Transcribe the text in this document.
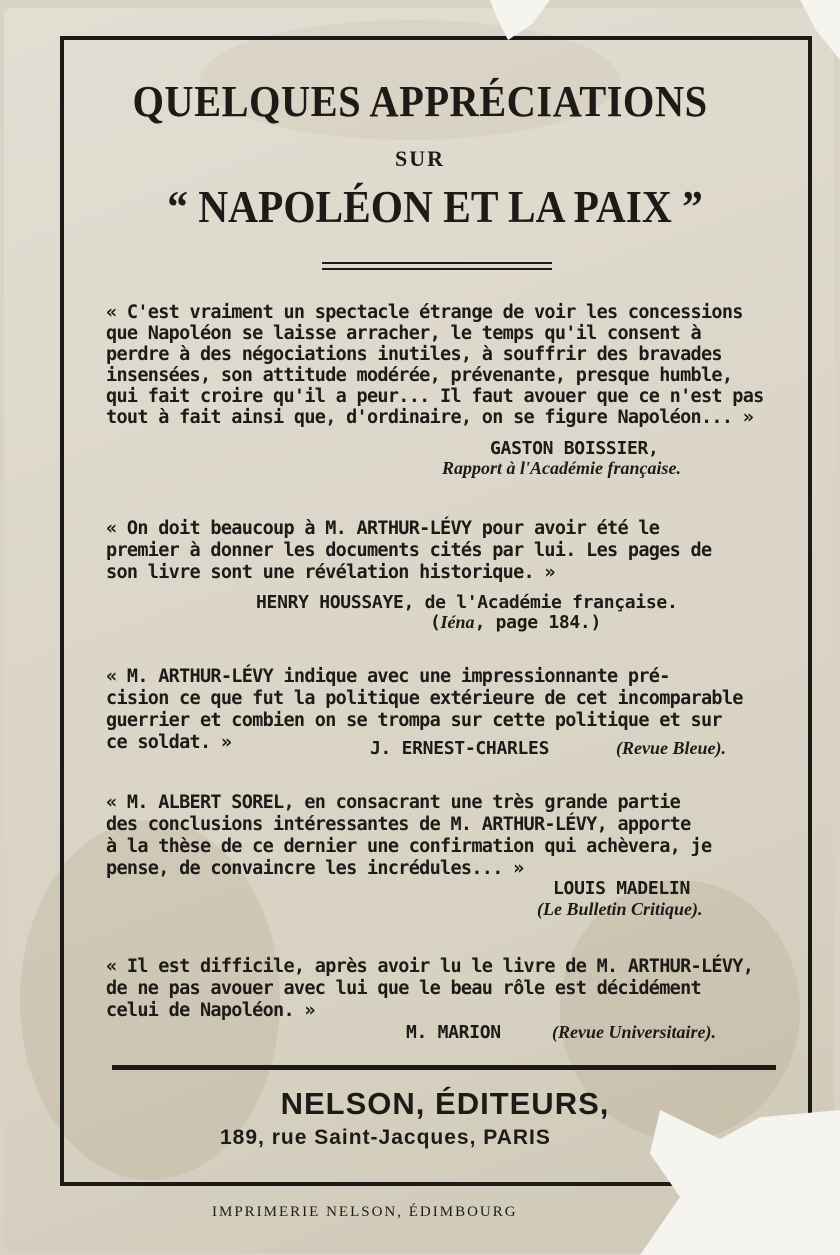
QUELQUES APPRÉCIATIONS
SUR
“ NAPOLÉON ET LA PAIX ”
« C'est vraiment un spectacle étrange de voir les concessions
que Napoléon se laisse arracher, le temps qu'il consent à
perdre à des négociations inutiles, à souffrir des bravades
insensées, son attitude modérée, prévenante, presque humble,
qui fait croire qu'il a peur... Il faut avouer que ce n'est pas
tout à fait ainsi que, d'ordinaire, on se figure Napoléon... »
GASTON BOISSIER,
Rapport à l'Académie française.
« On doit beaucoup à M. ARTHUR-LÉVY pour avoir été le
premier à donner les documents cités par lui. Les pages de
son livre sont une révélation historique. »
HENRY HOUSSAYE, de l'Académie française.
(Iéna, page 184.)
« M. ARTHUR-LÉVY indique avec une impressionnante pré-
cision ce que fut la politique extérieure de cet incomparable
guerrier et combien on se trompa sur cette politique et sur
ce soldat. »	J. ERNEST-CHARLES	(Revue Bleue).
« M. ALBERT SOREL, en consacrant une très grande partie
des conclusions intéressantes de M. ARTHUR-LÉVY, apporte
à la thèse de ce dernier une confirmation qui achèvera, je
pense, de convaincre les incrédules... »
LOUIS MADELIN
(Le Bulletin Critique).
« Il est difficile, après avoir lu le livre de M. ARTHUR-LÉVY,
de ne pas avouer avec lui que le beau rôle est décidément
celui de Napoléon. »
M. MARION	(Revue Universitaire).
NELSON, ÉDITEURS,
189, rue Saint-Jacques, PARIS
IMPRIMERIE NELSON, ÉDIMBOURG
